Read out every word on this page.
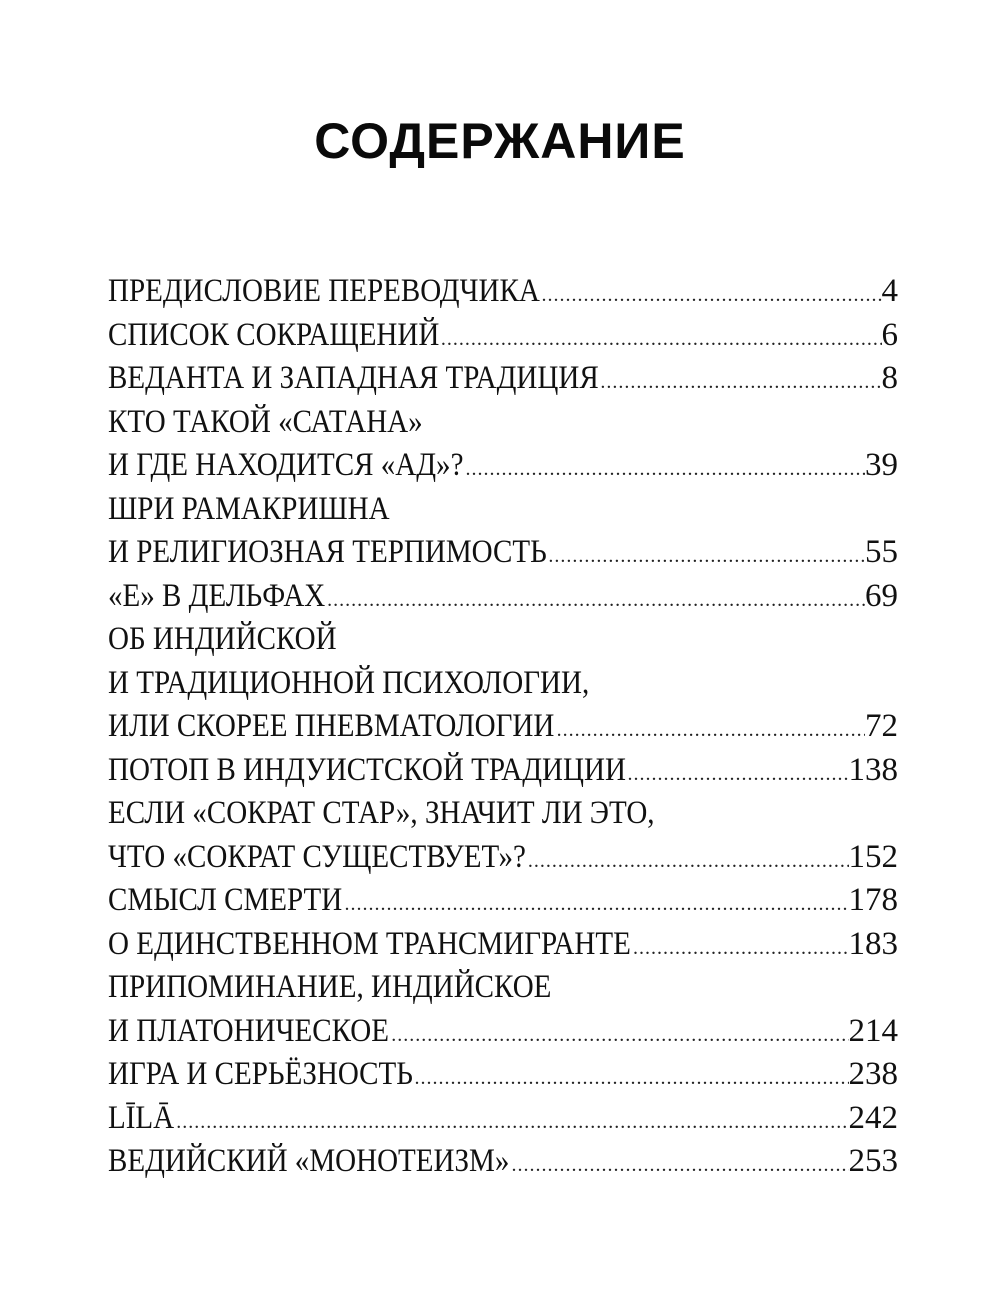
СОДЕРЖАНИЕ
ПРЕДИСЛОВИЕ ПЕРЕВОДЧИКА .....	4
СПИСОК СОКРАЩЕНИЙ .....	6
ВЕДАНТА И ЗАПАДНАЯ ТРАДИЦИЯ .....	8
КТО ТАКОЙ «САТАНА»
И ГДЕ НАХОДИТСЯ «АД»? .....	39
ШРИ РАМАКРИШНА
И РЕЛИГИОЗНАЯ ТЕРПИМОСТЬ .....	55
«Е» В ДЕЛЬФАХ .....	69
ОБ ИНДИЙСКОЙ
И ТРАДИЦИОННОЙ ПСИХОЛОГИИ,
ИЛИ СКОРЕЕ ПНЕВМАТОЛОГИИ .....	72
ПОТОП В ИНДУИСТСКОЙ ТРАДИЦИИ .....	138
ЕСЛИ «СОКРАТ СТАР», ЗНАЧИТ ЛИ ЭТО,
ЧТО «СОКРАТ СУЩЕСТВУЕТ»? .....	152
СМЫСЛ СМЕРТИ .....	178
О ЕДИНСТВЕННОМ ТРАНСМИГРАНТЕ .....	183
ПРИПОМИНАНИЕ, ИНДИЙСКОЕ
И ПЛАТОНИЧЕСКОЕ .....	214
ИГРА И СЕРЬЁЗНОСТЬ .....	238
LĪLĀ .....	242
ВЕДИЙСКИЙ «МОНОТЕИЗМ» .....	253
